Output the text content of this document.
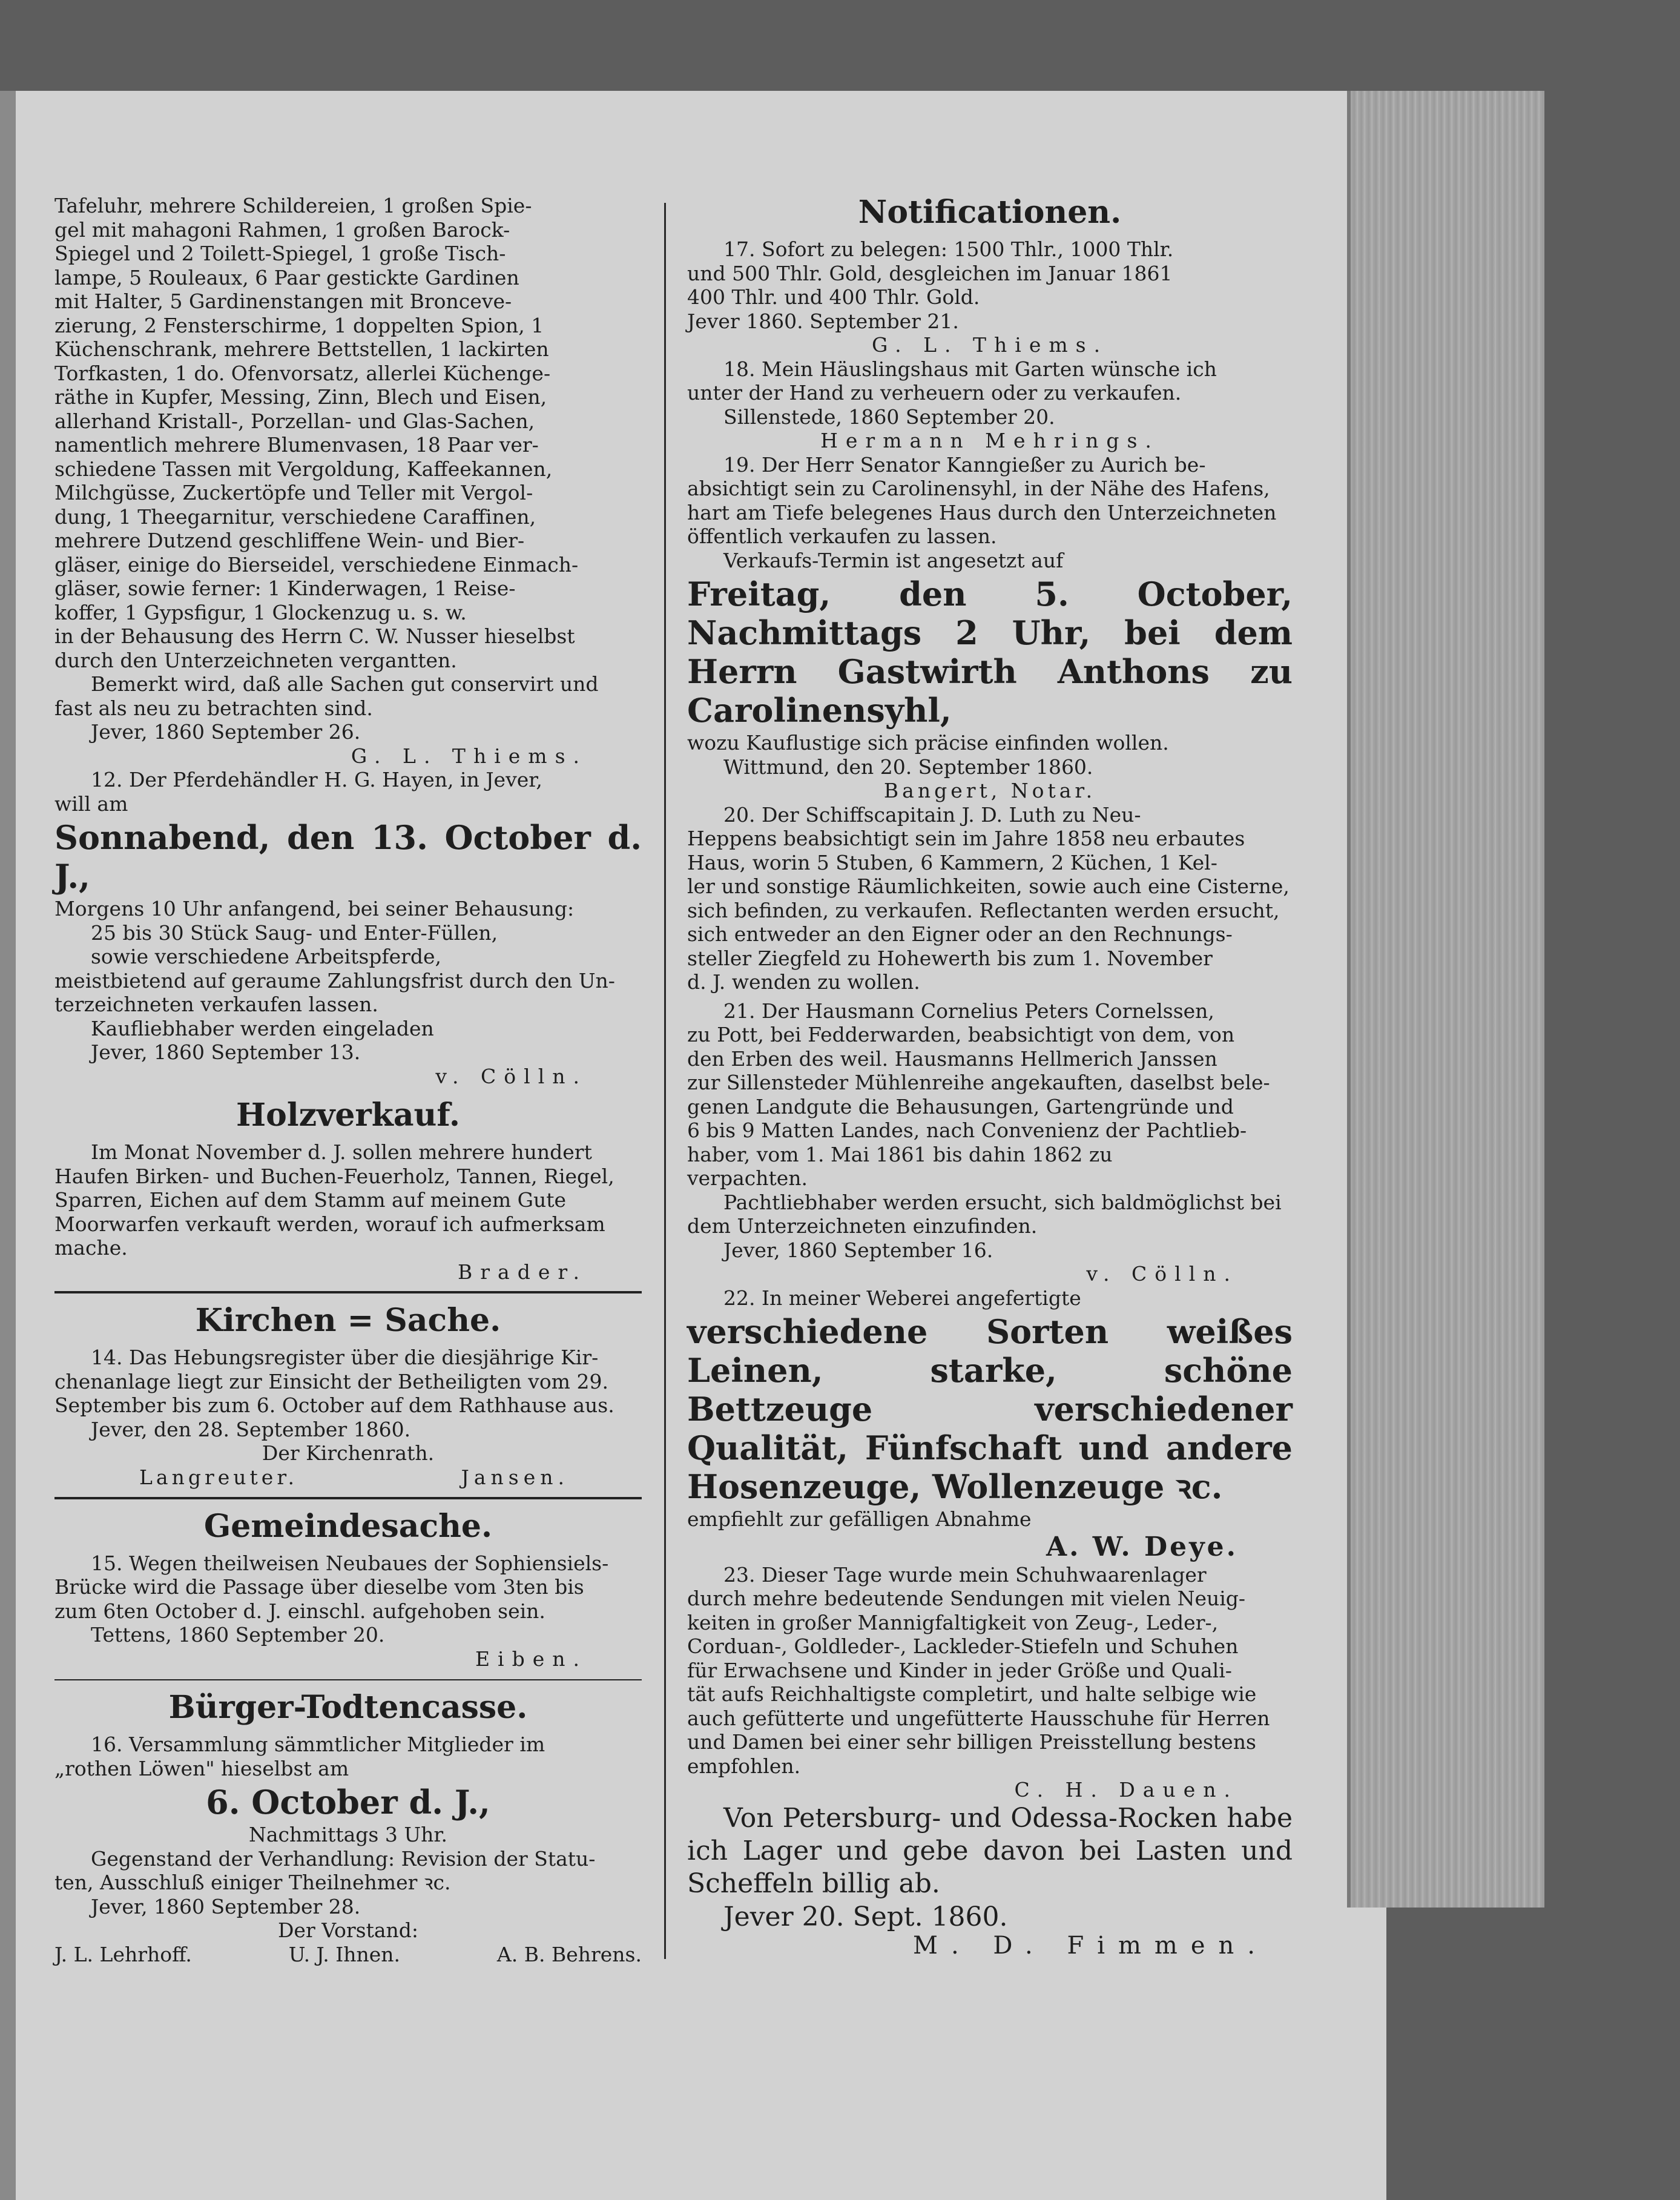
Tafeluhr, mehrere Schildereien, 1 großen Spie-

gel mit mahagoni Rahmen, 1 großen Barock-

Spiegel und 2 Toilett-Spiegel, 1 große Tisch-

lampe, 5 Rouleaux, 6 Paar gestickte Gardinen

mit Halter, 5 Gardinenstangen mit Bronceve-

zierung, 2 Fensterschirme, 1 doppelten Spion, 1

Küchenschrank, mehrere Bettstellen, 1 lackirten

Torfkasten, 1 do. Ofenvorsatz, allerlei Küchenge-

räthe in Kupfer, Messing, Zinn, Blech und Eisen,

allerhand Kristall-, Porzellan- und Glas-Sachen,

namentlich mehrere Blumenvasen, 18 Paar ver-

schiedene Tassen mit Vergoldung, Kaffeekannen,

Milchgüsse, Zuckertöpfe und Teller mit Vergol-

dung, 1 Theegarnitur, verschiedene Caraffinen,

mehrere Dutzend geschliffene Wein- und Bier-

gläser, einige do Bierseidel, verschiedene Einmach-

gläser, sowie ferner: 1 Kinderwagen, 1 Reise-

koffer, 1 Gypsfigur, 1 Glockenzug u. s. w.

in der Behausung des Herrn C. W. Nusser hieselbst

durch den Unterzeichneten vergantten.

Bemerkt wird, daß alle Sachen gut conservirt und

fast als neu zu betrachten sind.

Jever, 1860 September 26.

G. L. Thiems.

12. Der Pferdehändler H. G. Hayen, in Jever,

will am

Sonnabend, den 13. October d. J.,

Morgens 10 Uhr anfangend, bei seiner Behausung:

25 bis 30 Stück Saug- und Enter-Füllen,

sowie verschiedene Arbeitspferde,

meistbietend auf geraume Zahlungsfrist durch den Un-

terzeichneten verkaufen lassen.

Kaufliebhaber werden eingeladen

Jever, 1860 September 13.

v. Cölln.

Holzverkauf.

Im Monat November d. J. sollen mehrere hundert

Haufen Birken- und Buchen-Feuerholz, Tannen, Riegel,

Sparren, Eichen auf dem Stamm auf meinem Gute

Moorwarfen verkauft werden, worauf ich aufmerksam

mache.

Brader.

Kirchen = Sache.

14. Das Hebungsregister über die diesjährige Kir-

chenanlage liegt zur Einsicht der Betheiligten vom 29.

September bis zum 6. October auf dem Rathhause aus.

Jever, den 28. September 1860.

Der Kirchenrath.

Langreuter.	Jansen.

Gemeindesache.

15. Wegen theilweisen Neubaues der Sophiensiels-

Brücke wird die Passage über dieselbe vom 3ten bis

zum 6ten October d. J. einschl. aufgehoben sein.

Tettens, 1860 September 20.

Eiben.

Bürger-Todtencasse.

16. Versammlung sämmtlicher Mitglieder im

„rothen Löwen" hieselbst am

6. October d. J.,

Nachmittags 3 Uhr.

Gegenstand der Verhandlung: Revision der Statu-

ten, Ausschluß einiger Theilnehmer ꝛc.

Jever, 1860 September 28.

Der Vorstand:

J. L. Lehrhoff.	U. J. Ihnen.	A. B. Behrens.

Notificationen.

17. Sofort zu belegen: 1500 Thlr., 1000 Thlr.

und 500 Thlr. Gold, desgleichen im Januar 1861

400 Thlr. und 400 Thlr. Gold.

Jever 1860. September 21.

G. L. Thiems.

18. Mein Häuslingshaus mit Garten wünsche ich

unter der Hand zu verheuern oder zu verkaufen.

Sillenstede, 1860 September 20.

Hermann Mehrings.

19. Der Herr Senator Kanngießer zu Aurich be-

absichtigt sein zu Carolinensyhl, in der Nähe des Hafens,

hart am Tiefe belegenes Haus durch den Unterzeichneten

öffentlich verkaufen zu lassen.

Verkaufs-Termin ist angesetzt auf

Freitag, den 5. October, Nachmittags 2 Uhr, bei dem Herrn Gastwirth Anthons zu Carolinensyhl,

wozu Kauflustige sich präcise einfinden wollen.

Wittmund, den 20. September 1860.

Bangert, Notar.

20. Der Schiffscapitain J. D. Luth zu Neu-

Heppens beabsichtigt sein im Jahre 1858 neu erbautes

Haus, worin 5 Stuben, 6 Kammern, 2 Küchen, 1 Kel-

ler und sonstige Räumlichkeiten, sowie auch eine Cisterne,

sich befinden, zu verkaufen. Reflectanten werden ersucht,

sich entweder an den Eigner oder an den Rechnungs-

steller Ziegfeld zu Hohewerth bis zum 1. November

d. J. wenden zu wollen.

21. Der Hausmann Cornelius Peters Cornelssen,

zu Pott, bei Fedderwarden, beabsichtigt von dem, von

den Erben des weil. Hausmanns Hellmerich Janssen

zur Sillensteder Mühlenreihe angekauften, daselbst bele-

genen Landgute die Behausungen, Gartengründe und

6 bis 9 Matten Landes, nach Convenienz der Pachtlieb-

haber, vom 1. Mai 1861 bis dahin 1862 zu

verpachten.

Pachtliebhaber werden ersucht, sich baldmöglichst bei

dem Unterzeichneten einzufinden.

Jever, 1860 September 16.

v. Cölln.

22. In meiner Weberei angefertigte

verschiedene Sorten weißes Leinen, starke, schöne Bettzeuge verschiedener Qualität, Fünfschaft und andere Hosenzeuge, Wollenzeuge ꝛc.

empfiehlt zur gefälligen Abnahme

A. W. Deye.

23. Dieser Tage wurde mein Schuhwaarenlager

durch mehre bedeutende Sendungen mit vielen Neuig-

keiten in großer Mannigfaltigkeit von Zeug-, Leder-,

Corduan-, Goldleder-, Lackleder-Stiefeln und Schuhen

für Erwachsene und Kinder in jeder Größe und Quali-

tät aufs Reichhaltigste completirt, und halte selbige wie

auch gefütterte und ungefütterte Hausschuhe für Herren

und Damen bei einer sehr billigen Preisstellung bestens

empfohlen.

C. H. Dauen.

Von Petersburg- und Odessa-Rocken habe ich Lager und gebe davon bei Lasten und Scheffeln billig ab.

Jever 20. Sept. 1860.

M. D. Fimmen.
